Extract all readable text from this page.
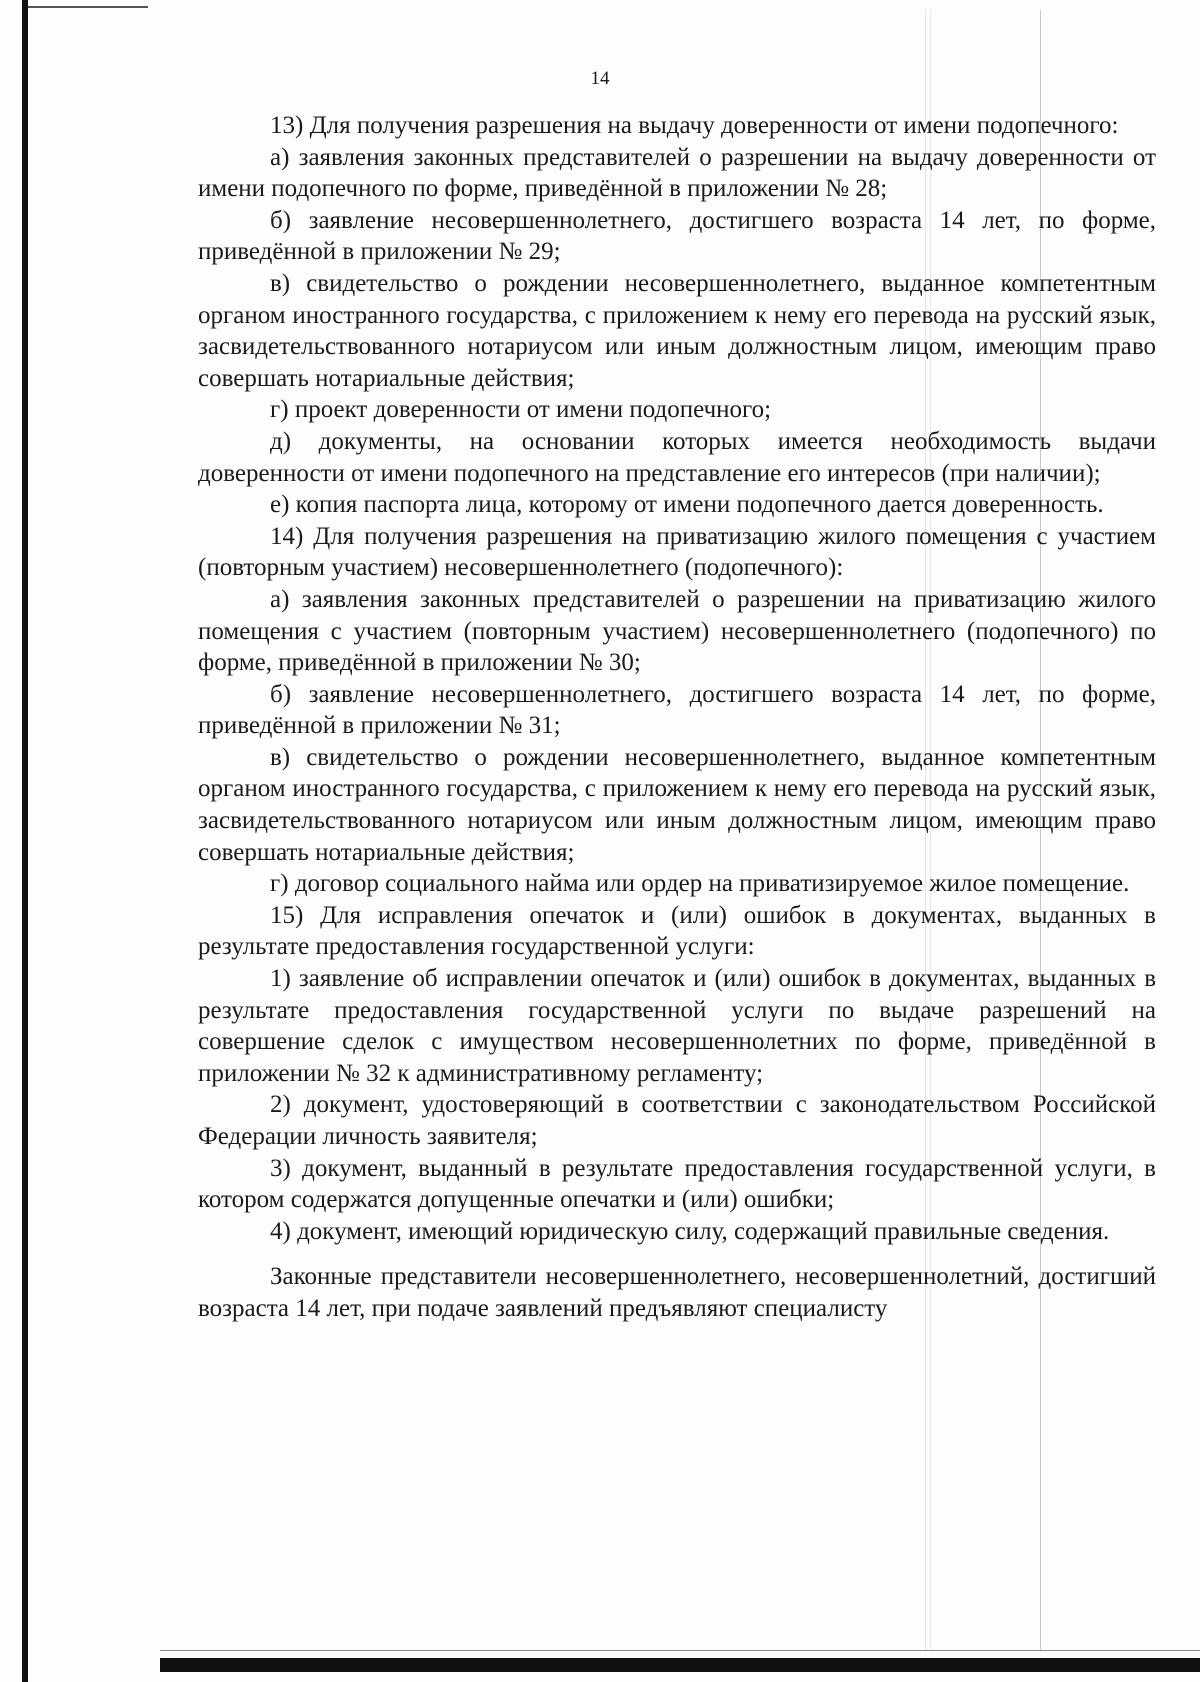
14

13) Для получения разрешения на выдачу доверенности от имени подопечного:

а) заявления законных представителей о разрешении на выдачу доверенности от имени подопечного по форме, приведённой в приложении № 28;

б) заявление несовершеннолетнего, достигшего возраста 14 лет, по форме, приведённой в приложении № 29;

в) свидетельство о рождении несовершеннолетнего, выданное компетентным органом иностранного государства, с приложением к нему его перевода на русский язык, засвидетельствованного нотариусом или иным должностным лицом, имеющим право совершать нотариальные действия;

г) проект доверенности от имени подопечного;

д) документы, на основании которых имеется необходимость выдачи доверенности от имени подопечного на представление его интересов (при наличии);

е) копия паспорта лица, которому от имени подопечного дается доверенность.

14) Для получения разрешения на приватизацию жилого помещения с участием (повторным участием) несовершеннолетнего (подопечного):

а) заявления законных представителей о разрешении на приватизацию жилого помещения с участием (повторным участием) несовершеннолетнего (подопечного) по форме, приведённой в приложении № 30;

б) заявление несовершеннолетнего, достигшего возраста 14 лет, по форме, приведённой в приложении № 31;

в) свидетельство о рождении несовершеннолетнего, выданное компетентным органом иностранного государства, с приложением к нему его перевода на русский язык, засвидетельствованного нотариусом или иным должностным лицом, имеющим право совершать нотариальные действия;

г) договор социального найма или ордер на приватизируемое жилое помещение.

15) Для исправления опечаток и (или) ошибок в документах, выданных в результате предоставления государственной услуги:

1) заявление об исправлении опечаток и (или) ошибок в документах, выданных в результате предоставления государственной услуги по выдаче разрешений на совершение сделок с имуществом несовершеннолетних по форме, приведённой в приложении № 32 к административному регламенту;

2) документ, удостоверяющий в соответствии с законодательством Российской Федерации личность заявителя;

3) документ, выданный в результате предоставления государственной услуги, в котором содержатся допущенные опечатки и (или) ошибки;

4) документ, имеющий юридическую силу, содержащий правильные сведения.

Законные представители несовершеннолетнего, несовершеннолетний, достигший возраста 14 лет, при подаче заявлений предъявляют специалисту
